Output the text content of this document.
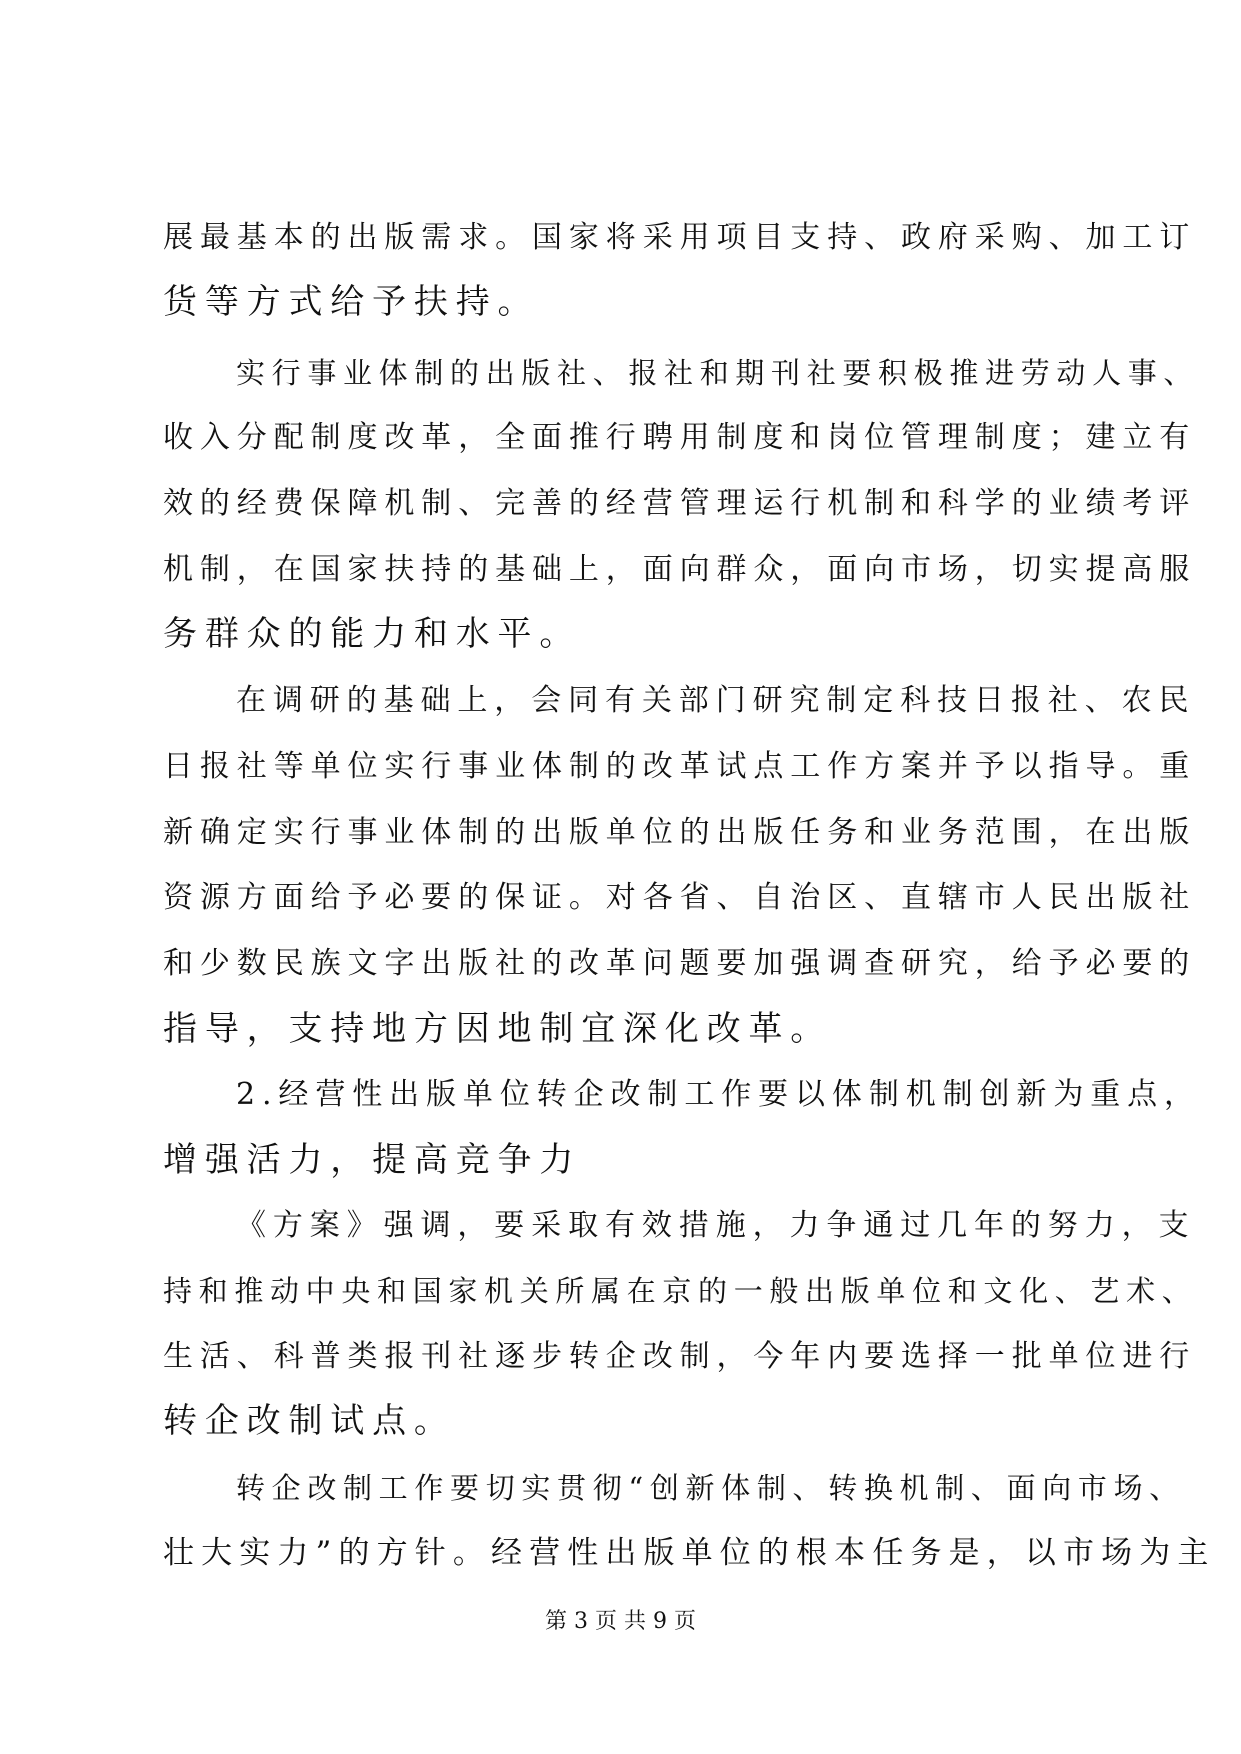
展最基本的出版需求。国家将采用项目支持、政府采购、加工订
货等方式给予扶持。
实行事业体制的出版社、报社和期刊社要积极推进劳动人事、
收入分配制度改革，全面推行聘用制度和岗位管理制度；建立有
效的经费保障机制、完善的经营管理运行机制和科学的业绩考评
机制，在国家扶持的基础上，面向群众，面向市场，切实提高服
务群众的能力和水平。
在调研的基础上，会同有关部门研究制定科技日报社、农民
日报社等单位实行事业体制的改革试点工作方案并予以指导。重
新确定实行事业体制的出版单位的出版任务和业务范围，在出版
资源方面给予必要的保证。对各省、自治区、直辖市人民出版社
和少数民族文字出版社的改革问题要加强调查研究，给予必要的
指导，支持地方因地制宜深化改革。
2.经营性出版单位转企改制工作要以体制机制创新为重点，
增强活力，提高竞争力
《方案》强调，要采取有效措施，力争通过几年的努力，支
持和推动中央和国家机关所属在京的一般出版单位和文化、艺术、
生活、科普类报刊社逐步转企改制，今年内要选择一批单位进行
转企改制试点。
转企改制工作要切实贯彻“创新体制、转换机制、面向市场、
壮大实力”的方针。经营性出版单位的根本任务是，以市场为主
第 3 页 共 9 页
